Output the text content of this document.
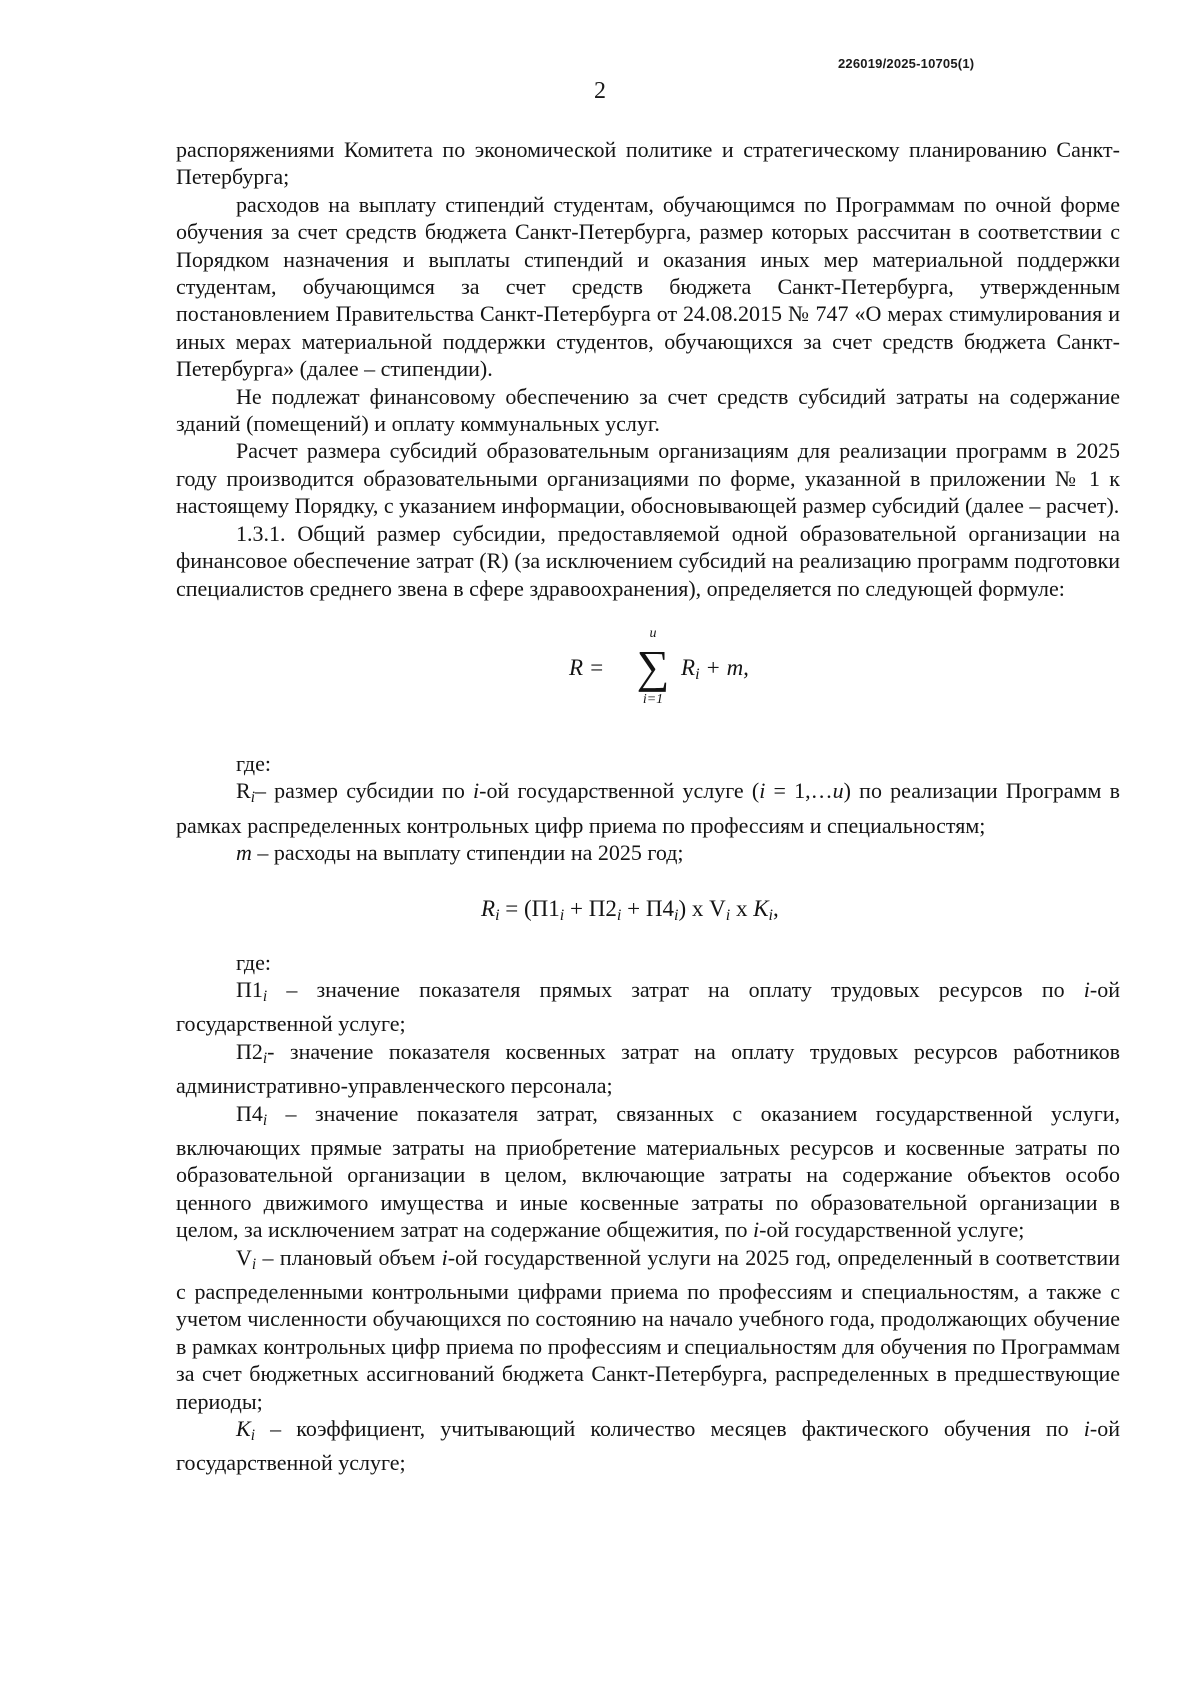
226019/2025-10705(1)
2

распоряжениями Комитета по экономической политике и стратегическому планированию Санкт-Петербурга;

расходов на выплату стипендий студентам, обучающимся по Программам по очной форме обучения за счет средств бюджета Санкт-Петербурга, размер которых рассчитан в соответствии с Порядком назначения и выплаты стипендий и оказания иных мер материальной поддержки студентам, обучающимся за счет средств бюджета Санкт-Петербурга, утвержденным постановлением Правительства Санкт-Петербурга от 24.08.2015 № 747 «О мерах стимулирования и иных мерах материальной поддержки студентов, обучающихся за счет средств бюджета Санкт-Петербурга» (далее – стипендии).

Не подлежат финансовому обеспечению за счет средств субсидий затраты на содержание зданий (помещений) и оплату коммунальных услуг.

Расчет размера субсидий образовательным организациям для реализации программ в 2025 году производится образовательными организациями по форме, указанной в приложении № 1 к настоящему Порядку, с указанием информации, обосновывающей размер субсидий (далее – расчет).

1.3.1. Общий размер субсидии, предоставляемой одной образовательной организации на финансовое обеспечение затрат (R) (за исключением субсидий на реализацию программ подготовки специалистов среднего звена в сфере здравоохранения), определяется по следующей формуле:

R =
u
∑
i=1
$R_i + m$,

где:

$R_i-$ размер субсидии по i-ой государственной услуге (i = 1,…u) по реализации Программ в рамках распределенных контрольных цифр приема по профессиям и специальностям;

m – расходы на выплату стипендии на 2025 год;

$R_i = (П1_i + П2_i + П4_i)$ х $V_i$ х $K_i$,

где:

$П1_i$ – значение показателя прямых затрат на оплату трудовых ресурсов по i-ой государственной услуге;

$П2_i-$ значение показателя косвенных затрат на оплату трудовых ресурсов работников административно-управленческого персонала;

$П4_i$ – значение показателя затрат, связанных с оказанием государственной услуги, включающих прямые затраты на приобретение материальных ресурсов и косвенные затраты по образовательной организации в целом, включающие затраты на содержание объектов особо ценного движимого имущества и иные косвенные затраты по образовательной организации в целом, за исключением затрат на содержание общежития, по i-ой государственной услуге;

$V_i$ – плановый объем i-ой государственной услуги на 2025 год, определенный в соответствии с распределенными контрольными цифрами приема по профессиям и специальностям, а также с учетом численности обучающихся по состоянию на начало учебного года, продолжающих обучение в рамках контрольных цифр приема по профессиям и специальностям для обучения по Программам за счет бюджетных ассигнований бюджета Санкт-Петербурга, распределенных в предшествующие периоды;

$K_i$ – коэффициент, учитывающий количество месяцев фактического обучения по i-ой государственной услуге;
